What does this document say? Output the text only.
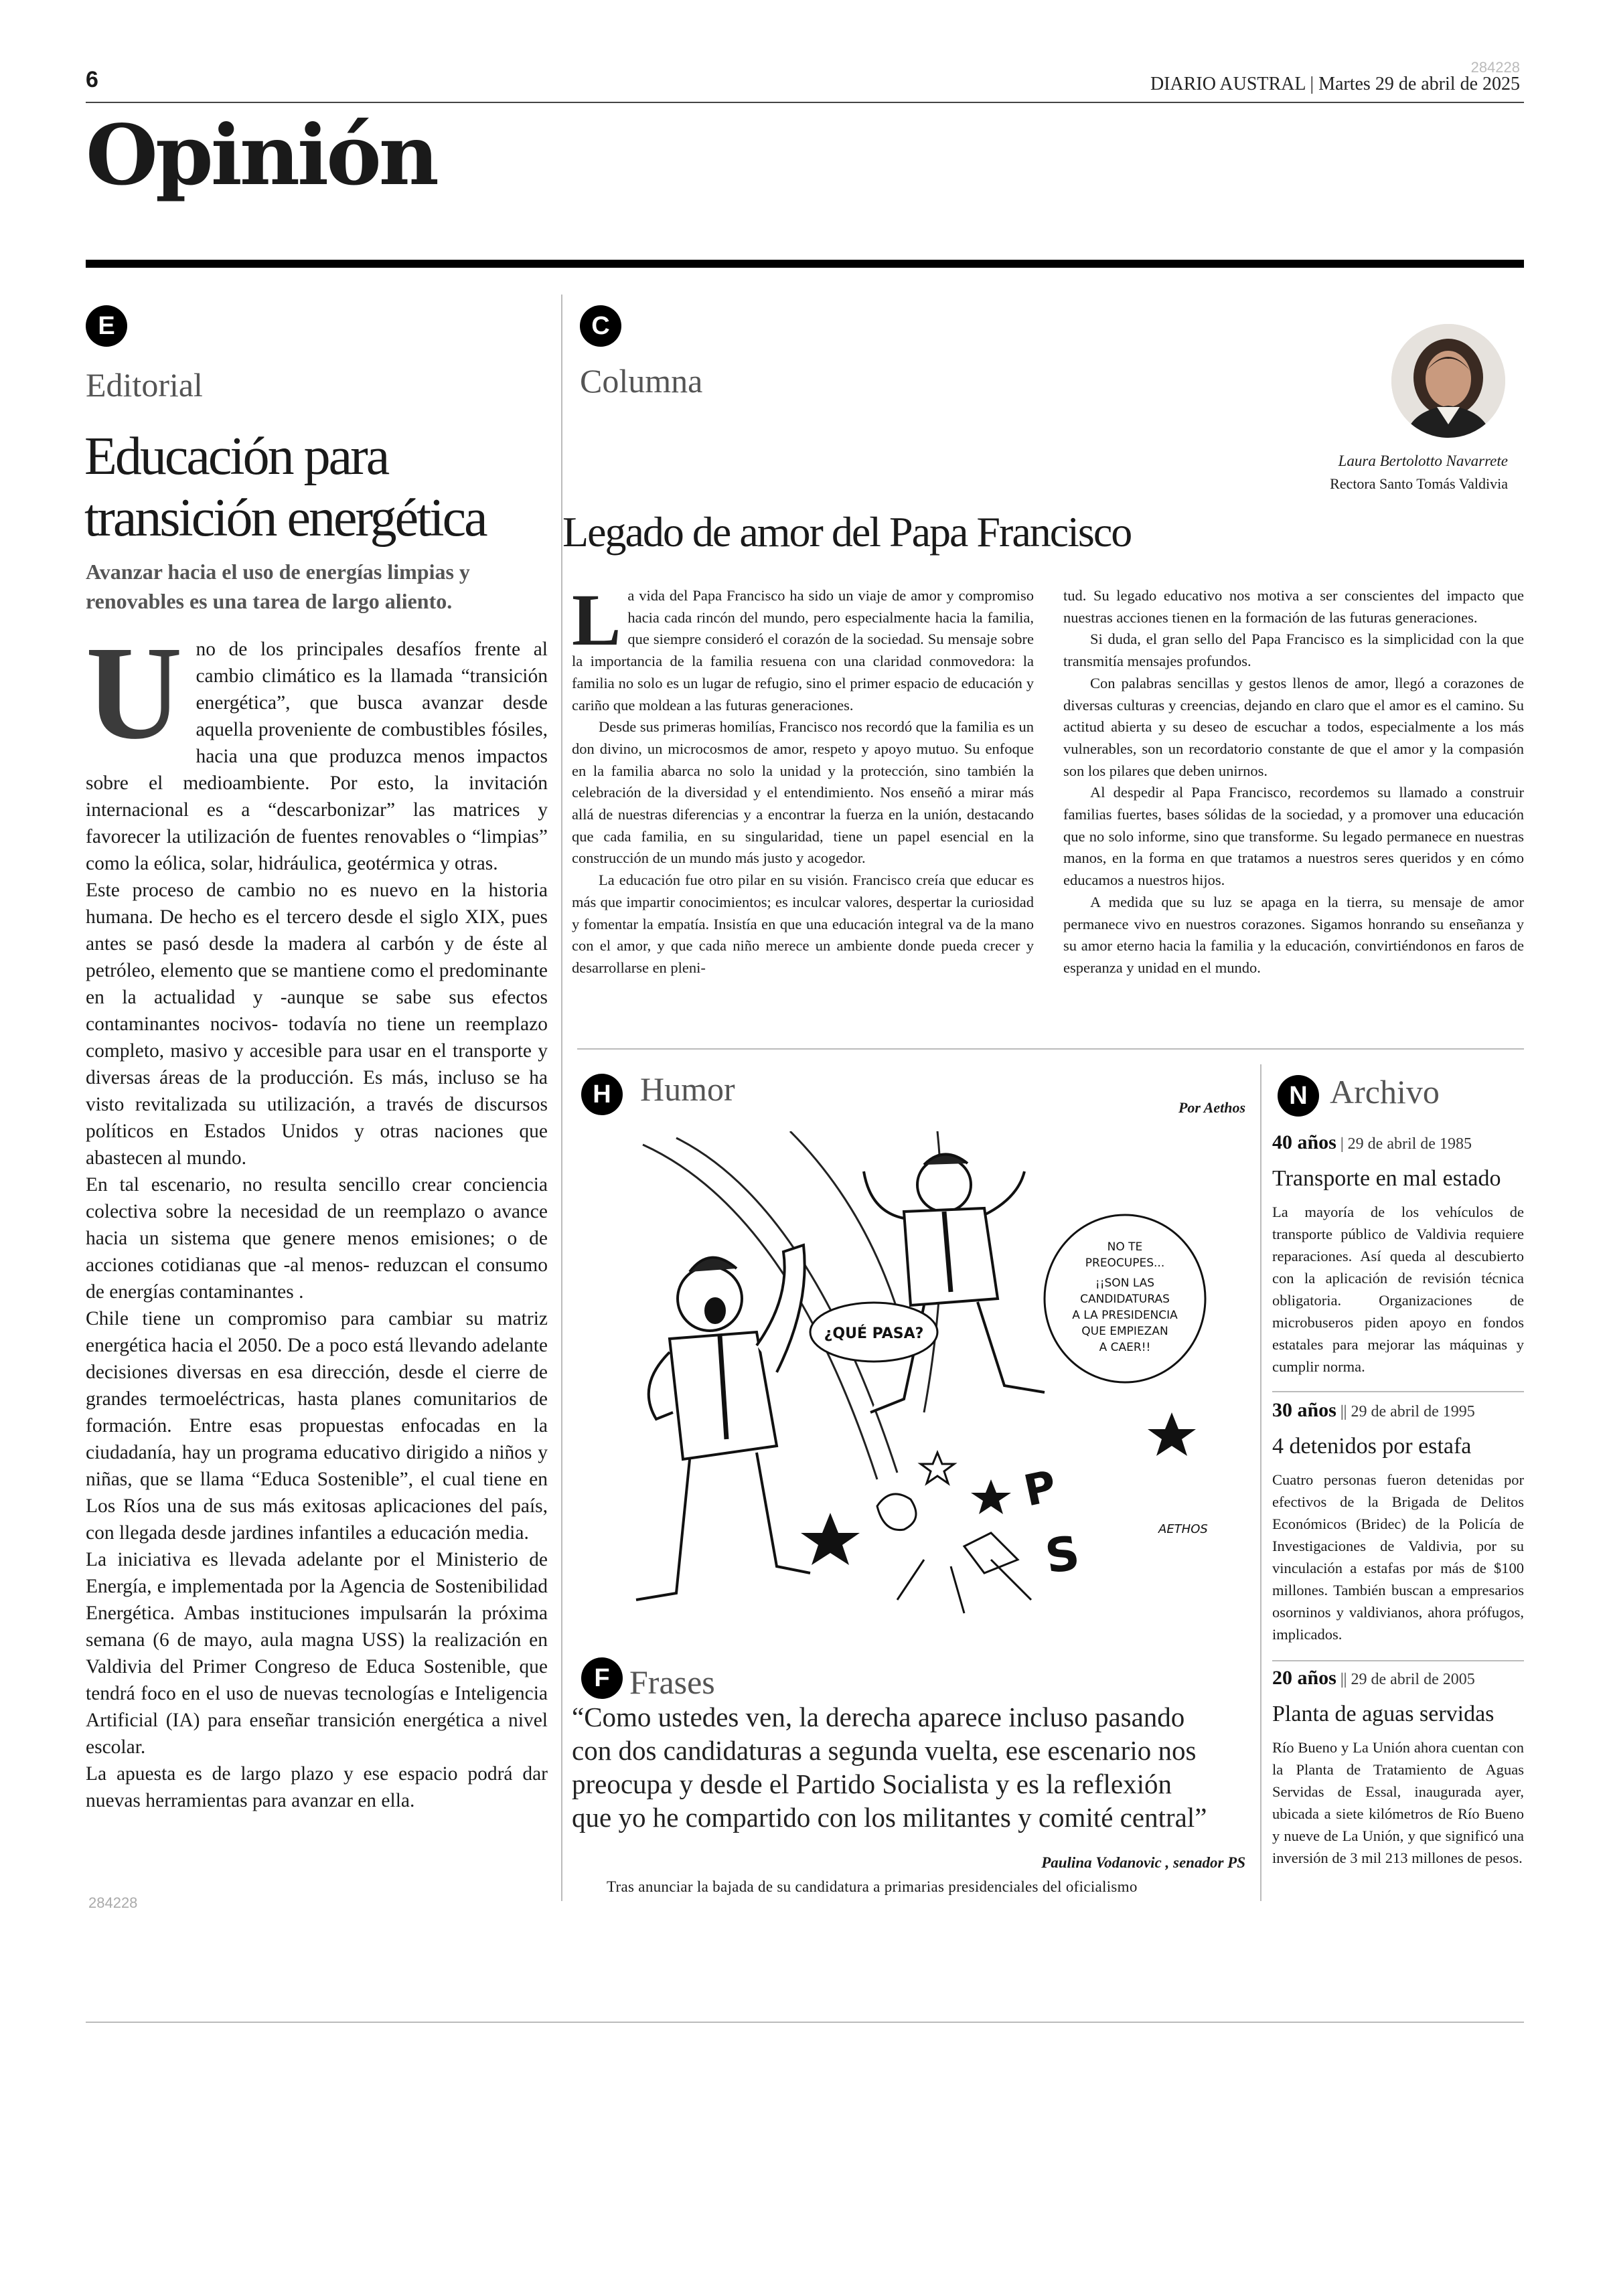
6	284228
DIARIO AUSTRAL | Martes 29 de abril de 2025
Opinión
E
Editorial
Educación para
transición energética
Avanzar hacia el uso de energías limpias y renovables es una tarea de largo aliento.
U no de los principales desafíos frente al cambio climático es la llamada “transición energética”, que busca avanzar desde aquella proveniente de combustibles fósiles, hacia una que produzca menos impactos sobre el medioambiente. Por esto, la invitación internacional es a “descarbonizar” las matrices y favorecer la utilización de fuentes renovables o “limpias” como la eólica, solar, hidráulica, geotérmica y otras.

Este proceso de cambio no es nuevo en la historia humana. De hecho es el tercero desde el siglo XIX, pues antes se pasó desde la madera al carbón y de éste al petróleo, elemento que se mantiene como el predominante en la actualidad y -aunque se sabe sus efectos contaminantes nocivos- todavía no tiene un reemplazo completo, masivo y accesible para usar en el transporte y diversas áreas de la producción. Es más, incluso se ha visto revitalizada su utilización, a través de discursos políticos en Estados Unidos y otras naciones que abastecen al mundo.

En tal escenario, no resulta sencillo crear conciencia colectiva sobre la necesidad de un reemplazo o avance hacia un sistema que genere menos emisiones; o de acciones cotidianas que -al menos- reduzcan el consumo de energías contaminantes .

Chile tiene un compromiso para cambiar su matriz energética hacia el 2050. De a poco está llevando adelante decisiones diversas en esa dirección, desde el cierre de grandes termoeléctricas, hasta planes comunitarios de formación. Entre esas propuestas enfocadas en la ciudadanía, hay un programa educativo dirigido a niños y niñas, que se llama “Educa Sostenible”, el cual tiene en Los Ríos una de sus más exitosas aplicaciones del país, con llegada desde jardines infantiles a educación media.

La iniciativa es llevada adelante por el Ministerio de Energía, e implementada por la Agencia de Sostenibilidad Energética. Ambas instituciones impulsarán la próxima semana (6 de mayo, aula magna USS) la realización en Valdivia del Primer Congreso de Educa Sostenible, que tendrá foco en el uso de nuevas tecnologías e Inteligencia Artificial (IA) para enseñar transición energética a nivel escolar.

La apuesta es de largo plazo y ese espacio podrá dar nuevas herramientas para avanzar en ella.

284228
C
Columna
Laura Bertolotto Navarrete
Rectora Santo Tomás Valdivia
Legado de amor del Papa Francisco
L a vida del Papa Francisco ha sido un viaje de amor y compromiso hacia cada rincón del mundo, pero especialmente hacia la familia, que siempre consideró el corazón de la sociedad. Su mensaje sobre la importancia de la familia resuena con una claridad conmovedora: la familia no solo es un lugar de refugio, sino el primer espacio de educación y cariño que moldean a las futuras generaciones.

Desde sus primeras homilías, Francisco nos recordó que la familia es un don divino, un microcosmos de amor, respeto y apoyo mutuo. Su enfoque en la familia abarca no solo la unidad y la protección, sino también la celebración de la diversidad y el entendimiento. Nos enseñó a mirar más allá de nuestras diferencias y a encontrar la fuerza en la unión, destacando que cada familia, en su singularidad, tiene un papel esencial en la construcción de un mundo más justo y acogedor.

La educación fue otro pilar en su visión. Francisco creía que educar es más que impartir conocimientos; es inculcar valores, despertar la curiosidad y fomentar la empatía. Insistía en que una educación integral va de la mano con el amor, y que cada niño merece un ambiente donde pueda crecer y desarrollarse en pleni-

tud. Su legado educativo nos motiva a ser conscientes del impacto que nuestras acciones tienen en la formación de las futuras generaciones.

Si duda, el gran sello del Papa Francisco es la simplicidad con la que transmitía mensajes profundos.

Con palabras sencillas y gestos llenos de amor, llegó a corazones de diversas culturas y creencias, dejando en claro que el amor es el camino. Su actitud abierta y su deseo de escuchar a todos, especialmente a los más vulnerables, son un recordatorio constante de que el amor y la compasión son los pilares que deben unirnos.

Al despedir al Papa Francisco, recordemos su llamado a construir familias fuertes, bases sólidas de la sociedad, y a promover una educación que no solo informe, sino que transforme. Su legado permanece en nuestras manos, en la forma en que tratamos a nuestros seres queridos y en cómo educamos a nuestros hijos.

A medida que su luz se apaga en la tierra, su mensaje de amor permanece vivo en nuestros corazones. Sigamos honrando su enseñanza y su amor eterno hacia la familia y la educación, convirtiéndonos en faros de esperanza y unidad en el mundo.

H Humor	Por Aethos
¿QUÉ PASA?
NO TE
PREOCUPES...
¡¡SON LAS
CANDIDATURAS
A LA PRESIDENCIA
QUE EMPIEZAN
A CAER!!
P
S	AETHOS
F Frases
“Como ustedes ven, la derecha aparece incluso pasando
con dos candidaturas a segunda vuelta, ese escenario nos
preocupa y desde el Partido Socialista y es la reflexión
que yo he compartido con los militantes y comité central”
Paulina Vodanovic , senador PS
Tras anunciar la bajada de su candidatura a primarias presidenciales del oficialismo
N Archivo
40 años | 29 de abril de 1985
Transporte en mal estado
La mayoría de los vehículos de transporte público de Valdivia requiere reparaciones. Así queda al descubierto con la aplicación de revisión técnica obligatoria. Organizaciones de microbuseros piden apoyo en fondos estatales para mejorar las máquinas y cumplir norma.
30 años || 29 de abril de 1995
4 detenidos por estafa
Cuatro personas fueron detenidas por efectivos de la Brigada de Delitos Económicos (Bridec) de la Policía de Investigaciones de Valdivia, por su vinculación a estafas por más de $100 millones. También buscan a empresarios osorninos y valdivianos, ahora prófugos, implicados.
20 años || 29 de abril de 2005
Planta de aguas servidas
Río Bueno y La Unión ahora cuentan con la Planta de Tratamiento de Aguas Servidas de Essal, inaugurada ayer, ubicada a siete kilómetros de Río Bueno y nueve de La Unión, y que significó una inversión de 3 mil 213 millones de pesos.
